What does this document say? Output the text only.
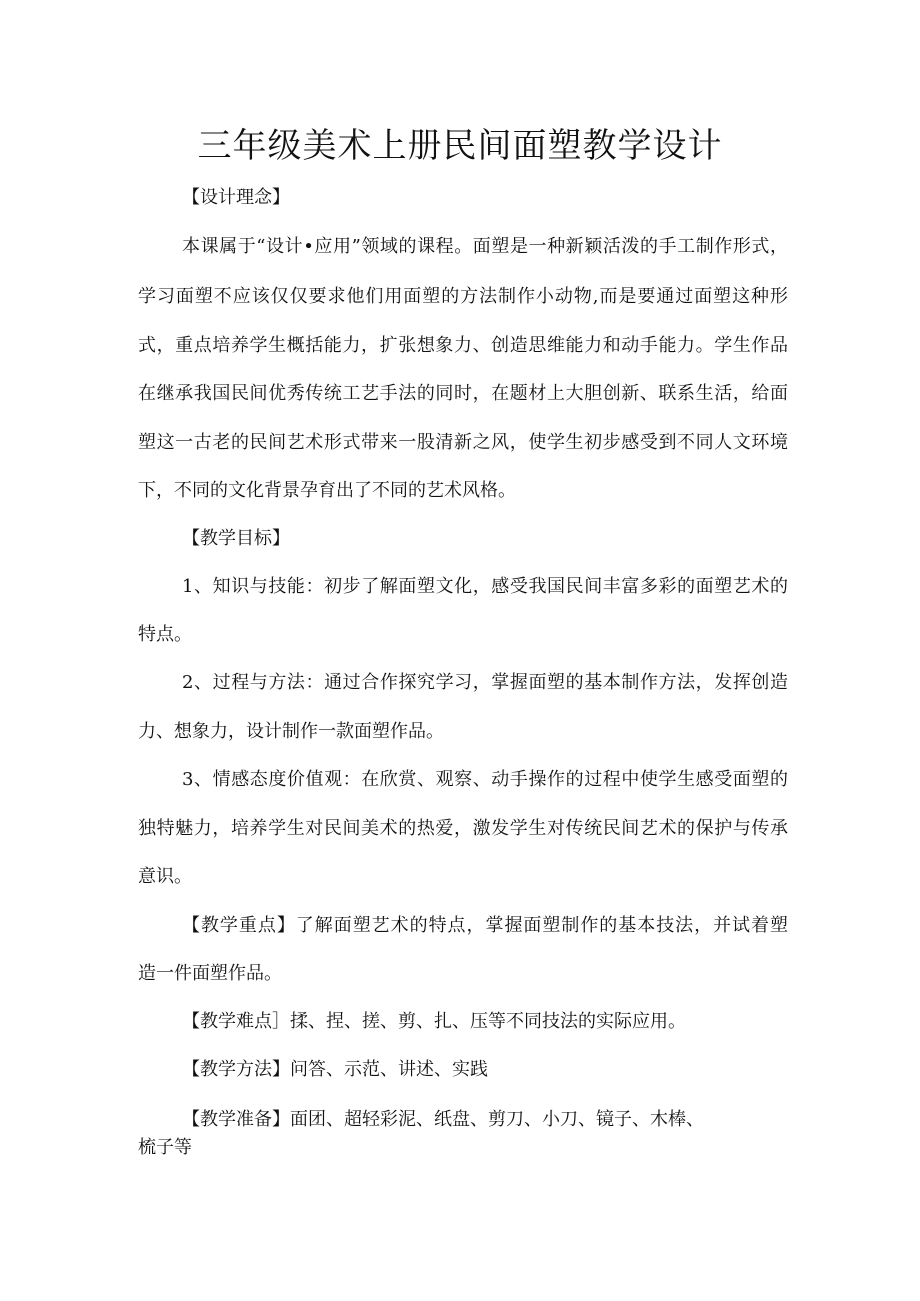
三年级美术上册民间面塑教学设计

【设计理念】

本课属于“设计•应用”领域的课程。面塑是一种新颖活泼的手工制作形式，

学习面塑不应该仅仅要求他们用面塑的方法制作小动物,而是要通过面塑这种形

式，重点培养学生概括能力，扩张想象力、创造思维能力和动手能力。学生作品

在继承我国民间优秀传统工艺手法的同时，在题材上大胆创新、联系生活，给面

塑这一古老的民间艺术形式带来一股清新之风，使学生初步感受到不同人文环境

下，不同的文化背景孕育出了不同的艺术风格。

【教学目标】

1、知识与技能：初步了解面塑文化，感受我国民间丰富多彩的面塑艺术的

特点。

2、过程与方法：通过合作探究学习，掌握面塑的基本制作方法，发挥创造

力、想象力，设计制作一款面塑作品。

3、情感态度价值观：在欣赏、观察、动手操作的过程中使学生感受面塑的

独特魅力，培养学生对民间美术的热爱，激发学生对传统民间艺术的保护与传承

意识。

【教学重点】了解面塑艺术的特点，掌握面塑制作的基本技法，并试着塑

造一件面塑作品。

【教学难点］揉、捏、搓、剪、扎、压等不同技法的实际应用。

【教学方法】问答、示范、讲述、实践

【教学准备】面团、超轻彩泥、纸盘、剪刀、小刀、镜子、木棒、

梳子等
